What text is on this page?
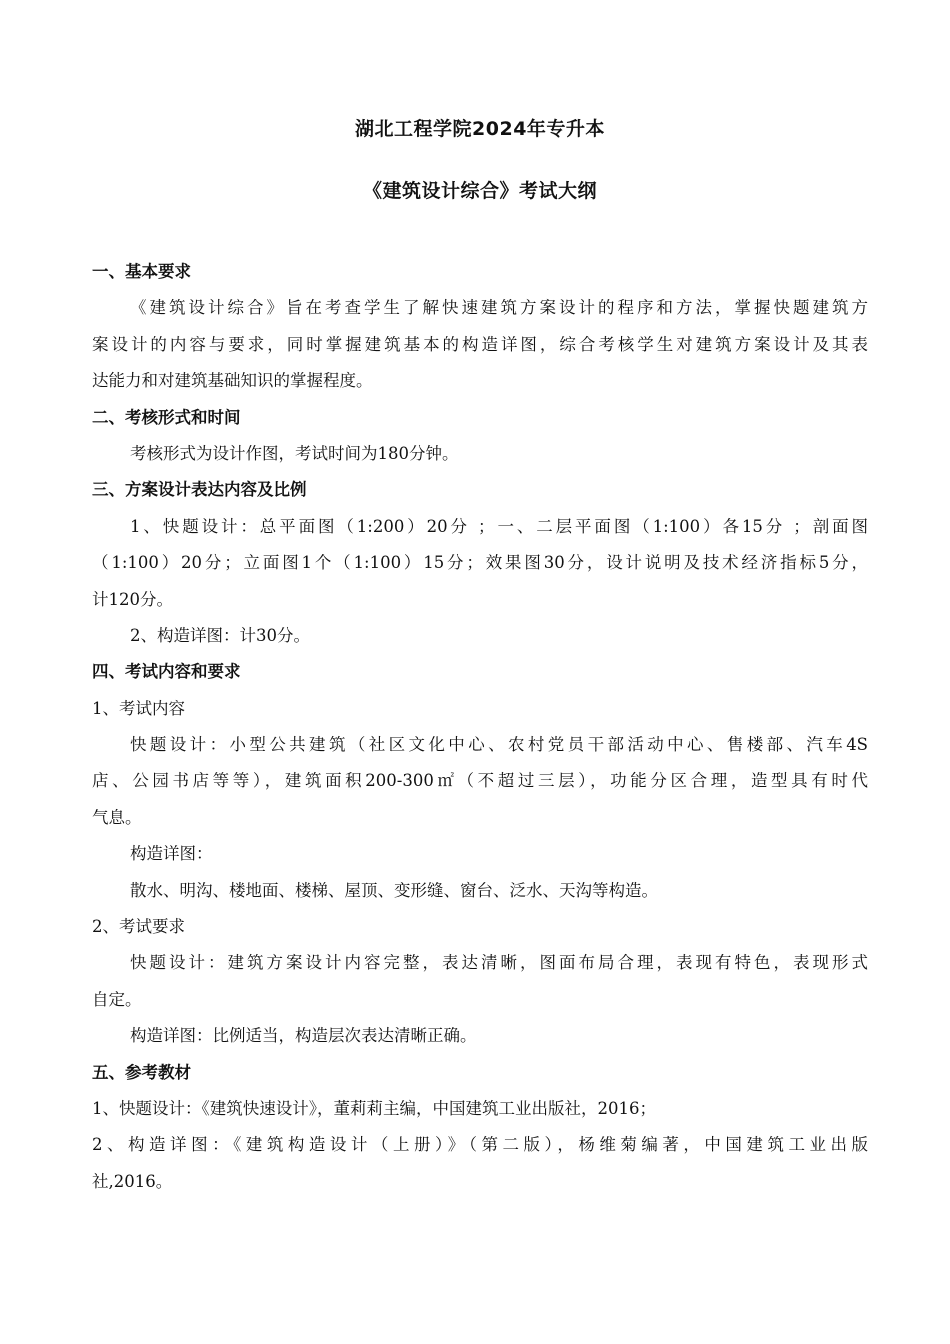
湖北工程学院2024年专升本
《建筑设计综合》考试大纲
一、基本要求
《建筑设计综合》旨在考查学生了解快速建筑方案设计的程序和方法，掌握快题建筑方
案设计的内容与要求，同时掌握建筑基本的构造详图，综合考核学生对建筑方案设计及其表
达能力和对建筑基础知识的掌握程度。
二、考核形式和时间
考核形式为设计作图，考试时间为180分钟。
三、方案设计表达内容及比例
1、快题设计：总平面图（1:200）20分 ；一、二层平面图（1:100）各15分 ；剖面图
（1:100）20分；立面图1个（1:100）15分；效果图30分，设计说明及技术经济指标5分，
计120分。
2、构造详图：计30分。
四、考试内容和要求
1、考试内容
快题设计：小型公共建筑（社区文化中心、农村党员干部活动中心、售楼部、汽车4S
店、公园书店等等），建筑面积200-300㎡（不超过三层），功能分区合理，造型具有时代
气息。
构造详图：
散水、明沟、楼地面、楼梯、屋顶、变形缝、窗台、泛水、天沟等构造。
2、考试要求
快题设计：建筑方案设计内容完整，表达清晰，图面布局合理，表现有特色，表现形式
自定。
构造详图：比例适当，构造层次表达清晰正确。
五、参考教材
1、快题设计：《建筑快速设计》，董莉莉主编，中国建筑工业出版社，2016；
2、构造详图：《建筑构造设计（上册）》（第二版），杨维菊编著，中国建筑工业出版
社,2016。
